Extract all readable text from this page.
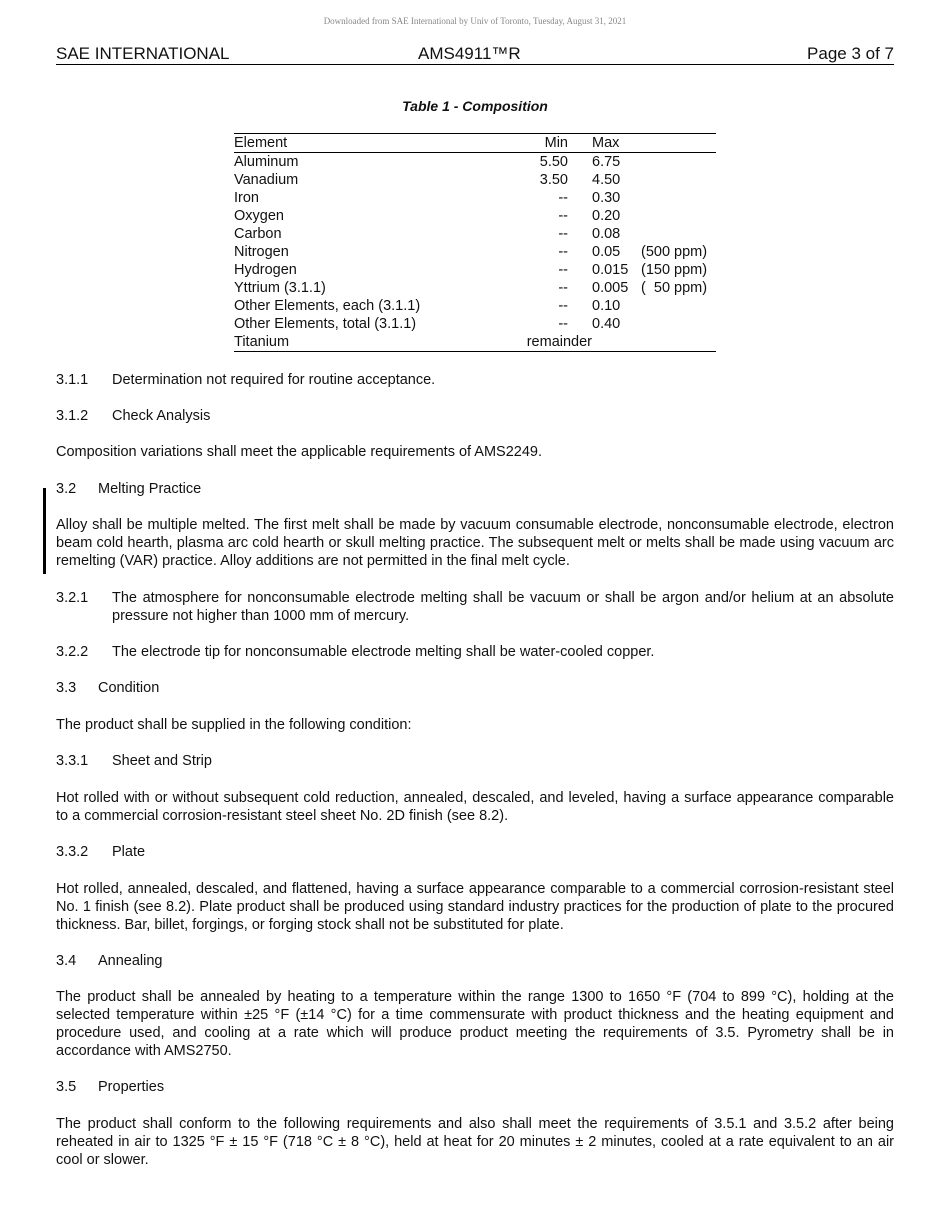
Downloaded from SAE International by Univ of Toronto, Tuesday, August 31, 2021
SAE INTERNATIONAL	AMS4911™R	Page 3 of 7
Table 1 - Composition
Element	Min	Max	
Aluminum	5.50	6.75	
Vanadium	3.50	4.50	
Iron	--	0.30	
Oxygen	--	0.20	
Carbon	--	0.08	
Nitrogen	--	0.05	(500 ppm)
Hydrogen	--	0.015	(150 ppm)
Yttrium (3.1.1)	--	0.005	(  50 ppm)
Other Elements, each (3.1.1)	--	0.10	
Other Elements, total (3.1.1)	--	0.40	
Titanium	remainder		
3.1.1 Determination not required for routine acceptance.
3.1.2 Check Analysis

Composition variations shall meet the applicable requirements of AMS2249.

3.2 Melting Practice

Alloy shall be multiple melted. The first melt shall be made by vacuum consumable electrode, nonconsumable electrode, electron beam cold hearth, plasma arc cold hearth or skull melting practice. The subsequent melt or melts shall be made using vacuum arc remelting (VAR) practice. Alloy additions are not permitted in the final melt cycle.

3.2.1 The atmosphere for nonconsumable electrode melting shall be vacuum or shall be argon and/or helium at an absolute pressure not higher than 1000 mm of mercury.
3.2.2 The electrode tip for nonconsumable electrode melting shall be water-cooled copper.
3.3 Condition

The product shall be supplied in the following condition:

3.3.1 Sheet and Strip

Hot rolled with or without subsequent cold reduction, annealed, descaled, and leveled, having a surface appearance comparable to a commercial corrosion-resistant steel sheet No. 2D finish (see 8.2).

3.3.2 Plate

Hot rolled, annealed, descaled, and flattened, having a surface appearance comparable to a commercial corrosion-resistant steel No. 1 finish (see 8.2). Plate product shall be produced using standard industry practices for the production of plate to the procured thickness. Bar, billet, forgings, or forging stock shall not be substituted for plate.

3.4 Annealing

The product shall be annealed by heating to a temperature within the range 1300 to 1650 °F (704 to 899 °C), holding at the selected temperature within ±25 °F (±14 °C) for a time commensurate with product thickness and the heating equipment and procedure used, and cooling at a rate which will produce product meeting the requirements of 3.5. Pyrometry shall be in accordance with AMS2750.

3.5 Properties

The product shall conform to the following requirements and also shall meet the requirements of 3.5.1 and 3.5.2 after being reheated in air to 1325 °F ± 15 °F (718 °C ± 8 °C), held at heat for 20 minutes ± 2 minutes, cooled at a rate equivalent to an air cool or slower.
